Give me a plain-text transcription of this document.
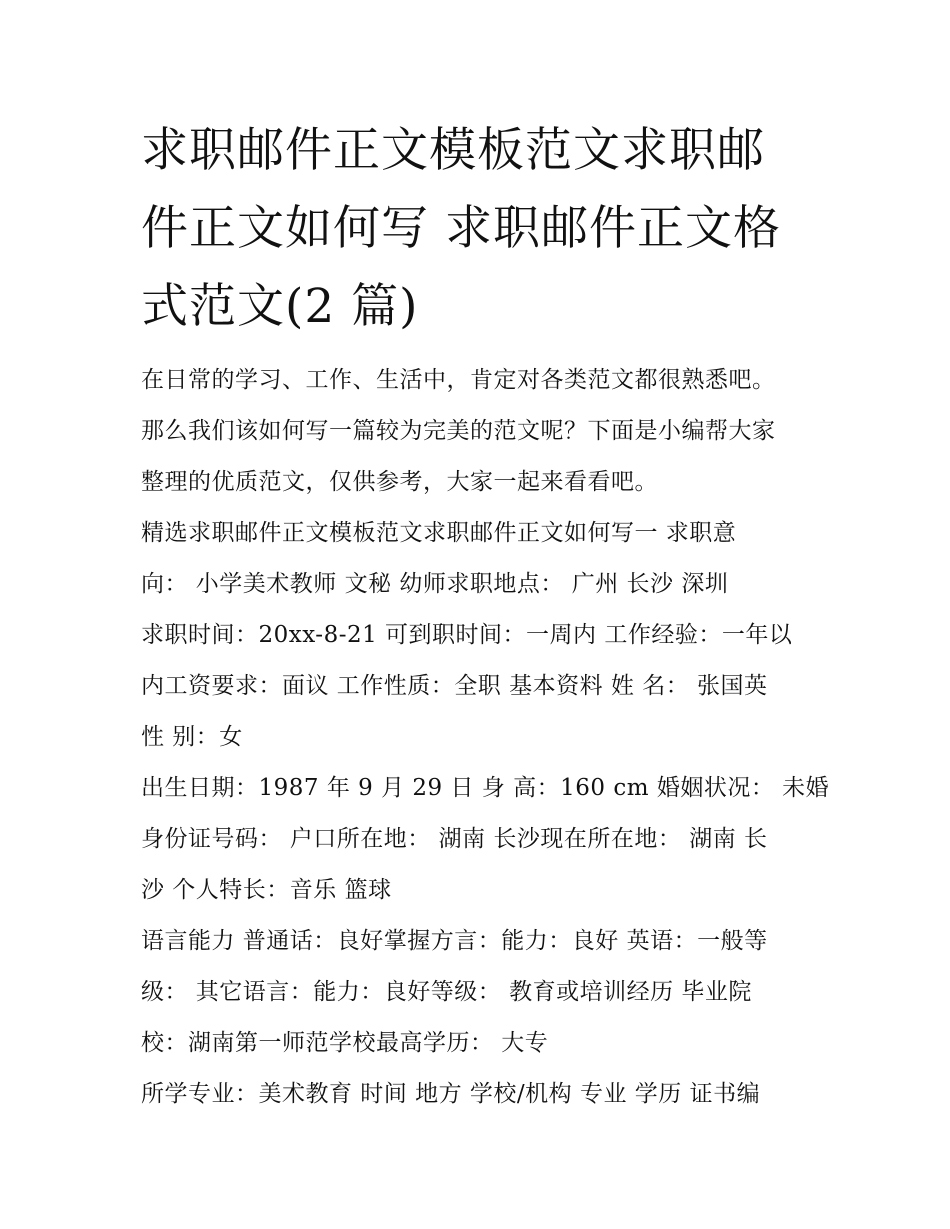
求职邮件正文模板范文求职邮
件正文如何写 求职邮件正文格
式范文(2 篇)

在日常的学习、工作、生活中，肯定对各类范文都很熟悉吧。
那么我们该如何写一篇较为完美的范文呢？下面是小编帮大家
整理的优质范文，仅供参考，大家一起来看看吧。

精选求职邮件正文模板范文求职邮件正文如何写一 求职意
向： 小学美术教师 文秘 幼师求职地点： 广州 长沙 深圳
求职时间：20xx-8-21 可到职时间：一周内 工作经验：一年以
内工资要求：面议 工作性质：全职 基本资料 姓 名： 张国英
性 别：女

出生日期：1987 年 9 月 29 日 身 高：160 cm 婚姻状况： 未婚
身份证号码： 户口所在地： 湖南 长沙现在所在地： 湖南 长
沙 个人特长：音乐 篮球

语言能力 普通话：良好掌握方言：能力：良好 英语：一般等
级： 其它语言：能力：良好等级： 教育或培训经历 毕业院
校：湖南第一师范学校最高学历： 大专

所学专业：美术教育 时间 地方 学校/机构 专业 学历 证书编
